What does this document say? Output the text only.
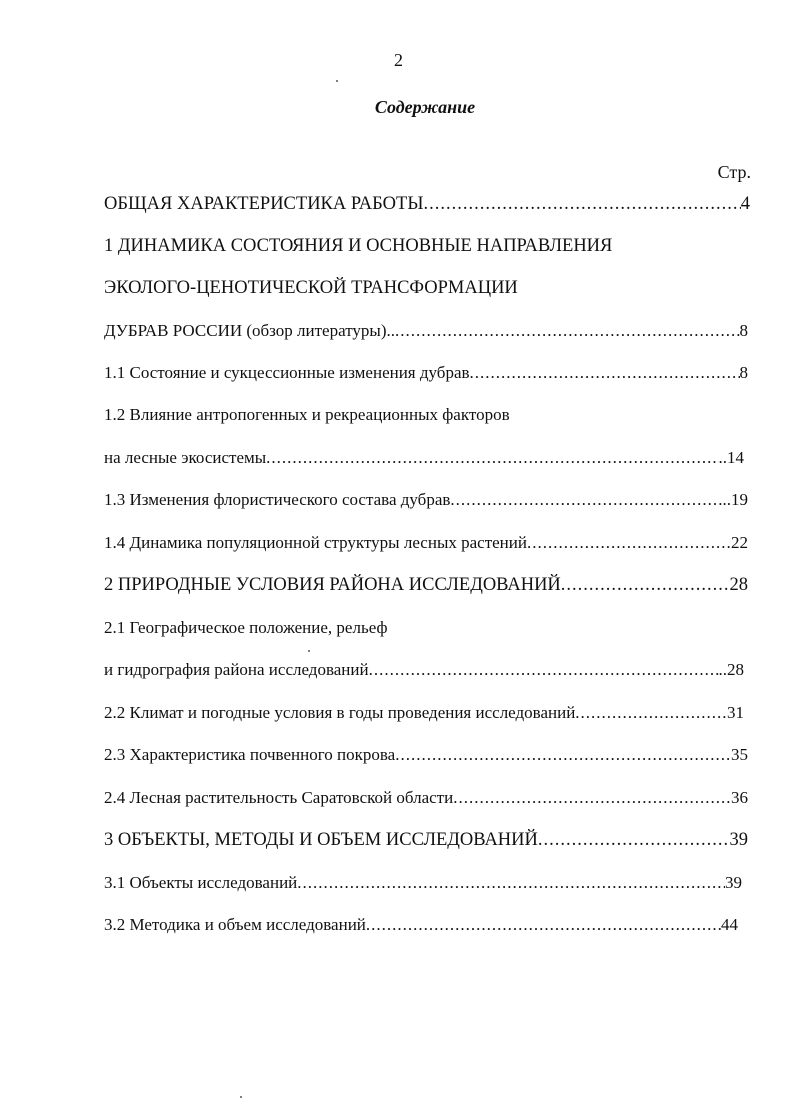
2
Содержание
Стр.
ОБЩАЯ ХАРАКТЕРИСТИКА РАБОТЫ .....	4
1 ДИНАМИКА СОСТОЯНИЯ И ОСНОВНЫЕ НАПРАВЛЕНИЯ
ЭКОЛОГО-ЦЕНОТИЧЕСКОЙ ТРАНСФОРМАЦИИ
ДУБРАВ РОССИИ (обзор литературы).. .....	8
1.1 Состояние и сукцессионные изменения дубрав .....	8
1.2 Влияние антропогенных и рекреационных факторов
на лесные экосистемы .....	..14
1.3 Изменения флористического состава дубрав .....	...19
1.4 Динамика популяционной структуры лесных растений .....	22
2 ПРИРОДНЫЕ УСЛОВИЯ РАЙОНА ИССЛЕДОВАНИЙ .....	28
2.1 Географическое положение, рельеф
и гидрография района исследований .....	..28
2.2 Климат и погодные условия в годы проведения исследований .....	31
2.3 Характеристика почвенного покрова .....	35
2.4 Лесная растительность Саратовской области .....	36
3 ОБЪЕКТЫ, МЕТОДЫ И ОБЪЕМ ИССЛЕДОВАНИЙ .....	39
3.1 Объекты исследований .....	39
3.2 Методика и объем исследований .....	44
